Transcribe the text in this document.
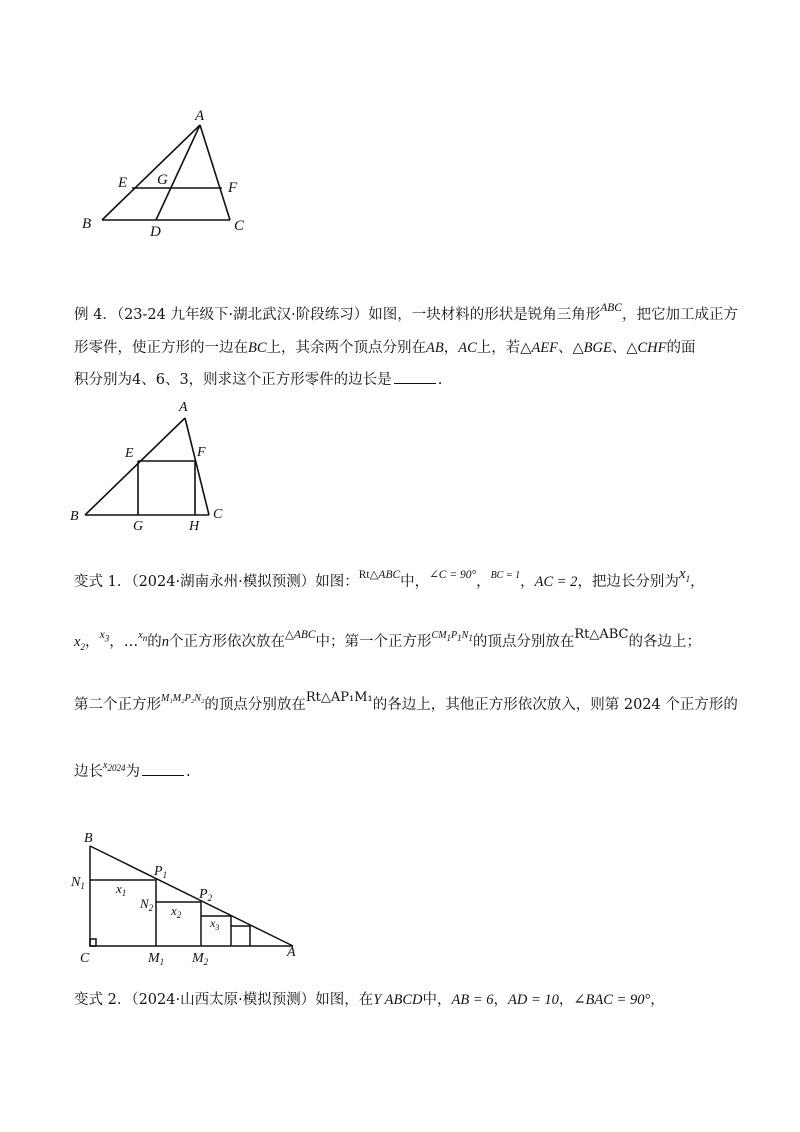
A
E G	F
B	D	C
例 4．（23-24 九年级下·湖北武汉·阶段练习）如图，一块材料的形状是锐角三角形$^{ABC}$，把它加工成正方
形零件，使正方形的一边在BC上，其余两个顶点分别在AB，AC上，若△AEF、△BGE、△CHF的面
积分别为4、6、3，则求这个正方形零件的边长是	.
A
E	F
B
G	H
C
变式 1．（2024·湖南永州·模拟预测）如图：$^{Rt\triangle ABC}$中，$^{\angle C = 90^\circ}$，$^{BC = 1}$，AC = 2，把边长分别为$x_1$，
$x_2$，$^{x_3}$，…$^{x_n}$的n个正方形依次放在$^{\triangle ABC}$中；第一个正方形$^{CM_1P_1N_1}$的顶点分别放在Rt△ABC的各边上；
第二个正方形$^{M_1M_2P_2N_2}$的顶点分别放在Rt△AP₁M₁的各边上，其他正方形依次放入，则第 2024 个正方形的
边长$^{x_{2024}}$为	.
B
$N_1$ $x_1$
$P_1$
$N_2$ $x_2$
$P_2$
$x_3$
C	$M_1$ $M_2$
A
变式 2．（2024·山西太原·模拟预测）如图，在Y ABCD中，AB = 6，AD = 10，∠BAC = 90°，
